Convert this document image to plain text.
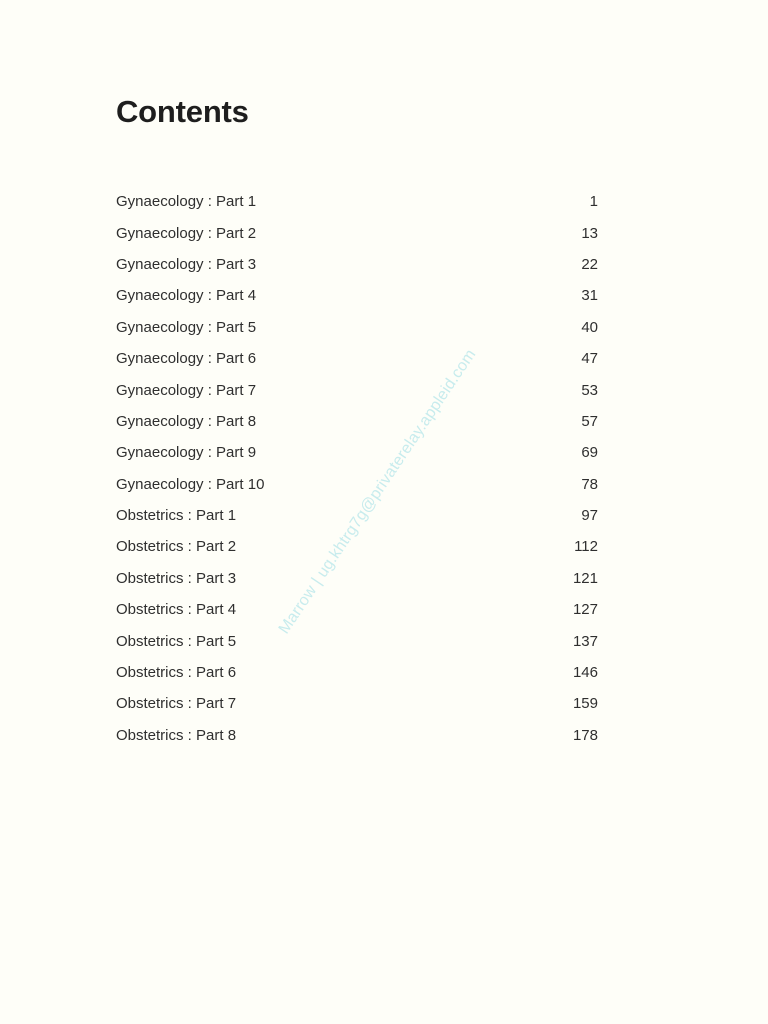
Contents
Gynaecology : Part 1	1
Gynaecology : Part 2	13
Gynaecology : Part 3	22
Gynaecology : Part 4	31
Gynaecology : Part 5	40
Gynaecology : Part 6	47
Gynaecology : Part 7	53
Gynaecology : Part 8	57
Gynaecology : Part 9	69
Gynaecology : Part 10	78
Obstetrics : Part 1	97
Obstetrics : Part 2	112
Obstetrics : Part 3	121
Obstetrics : Part 4	127
Obstetrics : Part 5	137
Obstetrics : Part 6	146
Obstetrics : Part 7	159
Obstetrics : Part 8	178
Marrow | ug.khtrg7g@privaterelay.appleid.com
